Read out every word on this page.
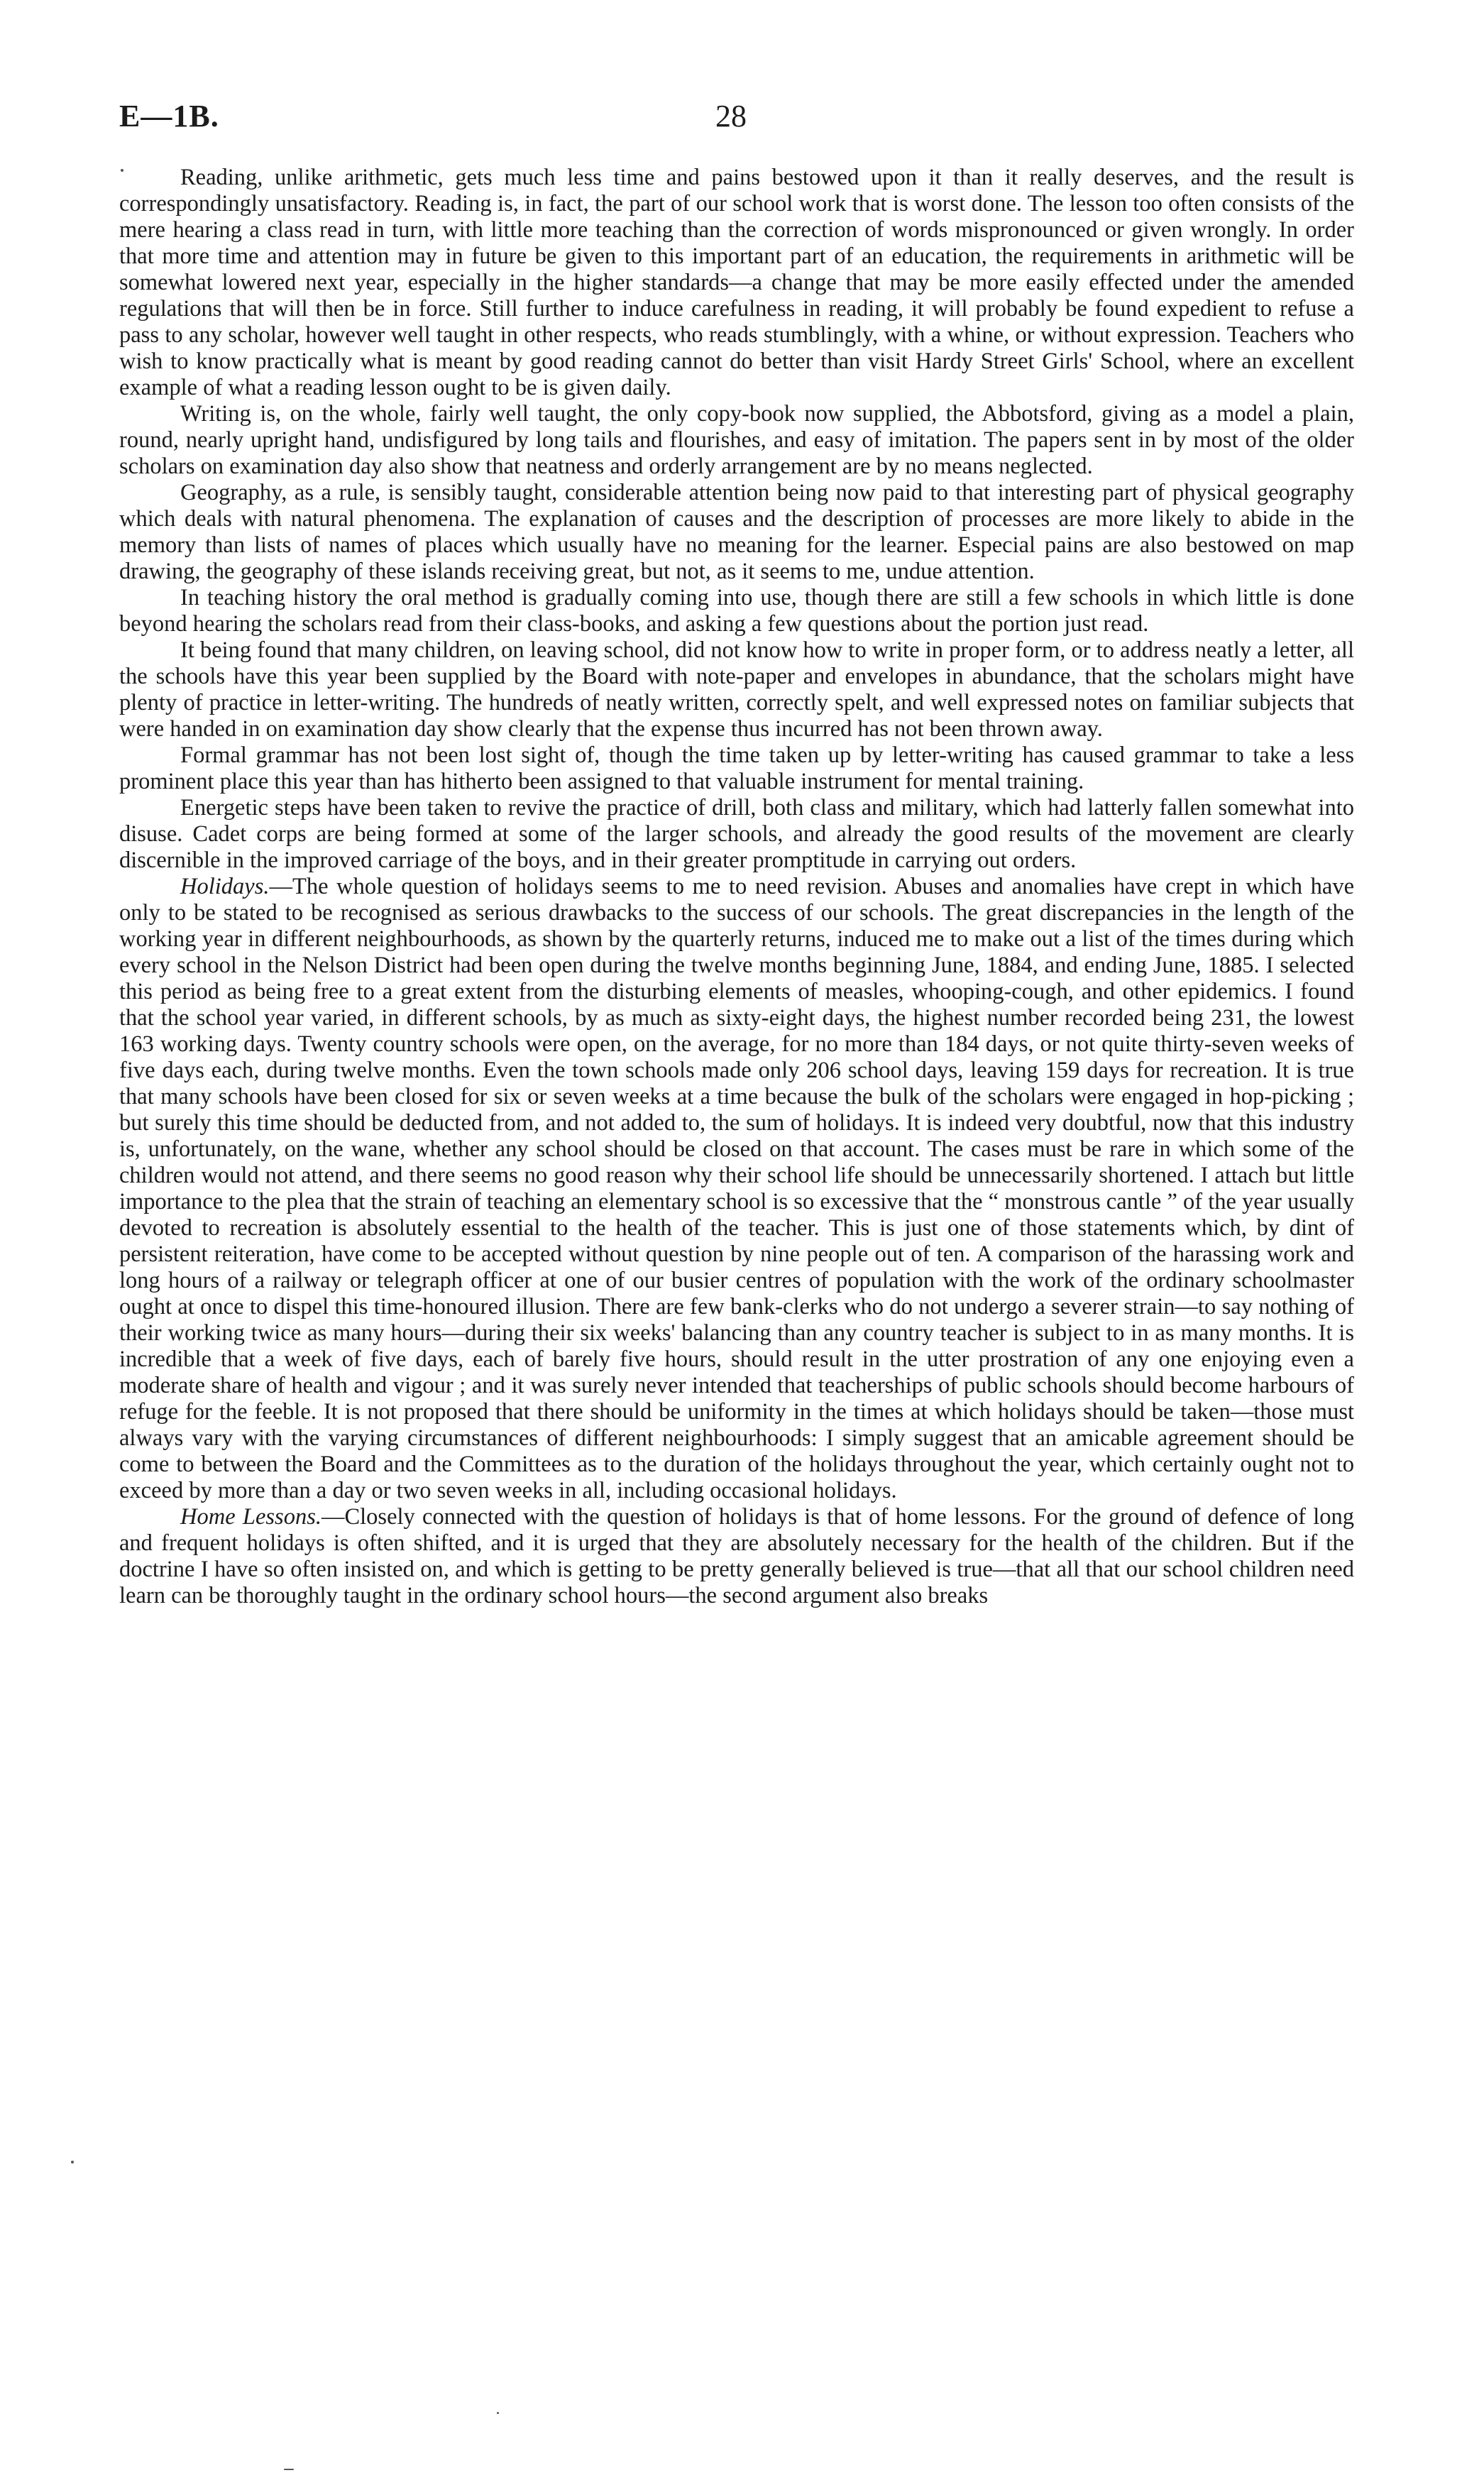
E—1B.	28

Reading, unlike arithmetic, gets much less time and pains bestowed upon it than it really deserves, and the result is correspondingly unsatisfactory. Reading is, in fact, the part of our school work that is worst done. The lesson too often consists of the mere hearing a class read in turn, with little more teaching than the correction of words mispronounced or given wrongly. In order that more time and attention may in future be given to this important part of an education, the requirements in arithmetic will be somewhat lowered next year, especially in the higher standards—a change that may be more easily effected under the amended regulations that will then be in force. Still further to induce carefulness in reading, it will probably be found expedient to refuse a pass to any scholar, however well taught in other respects, who reads stumblingly, with a whine, or without expression. Teachers who wish to know practically what is meant by good reading cannot do better than visit Hardy Street Girls' School, where an excellent example of what a reading lesson ought to be is given daily.

Writing is, on the whole, fairly well taught, the only copy-book now supplied, the Abbotsford, giving as a model a plain, round, nearly upright hand, undisfigured by long tails and flourishes, and easy of imitation. The papers sent in by most of the older scholars on examination day also show that neatness and orderly arrangement are by no means neglected.

Geography, as a rule, is sensibly taught, considerable attention being now paid to that interesting part of physical geography which deals with natural phenomena. The explanation of causes and the description of processes are more likely to abide in the memory than lists of names of places which usually have no meaning for the learner. Especial pains are also bestowed on map drawing, the geography of these islands receiving great, but not, as it seems to me, undue attention.

In teaching history the oral method is gradually coming into use, though there are still a few schools in which little is done beyond hearing the scholars read from their class-books, and asking a few questions about the portion just read.

It being found that many children, on leaving school, did not know how to write in proper form, or to address neatly a letter, all the schools have this year been supplied by the Board with note-paper and envelopes in abundance, that the scholars might have plenty of practice in letter-writing. The hundreds of neatly written, correctly spelt, and well expressed notes on familiar subjects that were handed in on examination day show clearly that the expense thus incurred has not been thrown away.

Formal grammar has not been lost sight of, though the time taken up by letter-writing has caused grammar to take a less prominent place this year than has hitherto been assigned to that valuable instrument for mental training.

Energetic steps have been taken to revive the practice of drill, both class and military, which had latterly fallen somewhat into disuse. Cadet corps are being formed at some of the larger schools, and already the good results of the movement are clearly discernible in the improved carriage of the boys, and in their greater promptitude in carrying out orders.

Holidays.—The whole question of holidays seems to me to need revision. Abuses and anomalies have crept in which have only to be stated to be recognised as serious drawbacks to the success of our schools. The great discrepancies in the length of the working year in different neighbourhoods, as shown by the quarterly returns, induced me to make out a list of the times during which every school in the Nelson District had been open during the twelve months beginning June, 1884, and ending June, 1885. I selected this period as being free to a great extent from the disturbing elements of measles, whooping-cough, and other epidemics. I found that the school year varied, in different schools, by as much as sixty-eight days, the highest number recorded being 231, the lowest 163 working days. Twenty country schools were open, on the average, for no more than 184 days, or not quite thirty-seven weeks of five days each, during twelve months. Even the town schools made only 206 school days, leaving 159 days for recreation. It is true that many schools have been closed for six or seven weeks at a time because the bulk of the scholars were engaged in hop-picking ; but surely this time should be deducted from, and not added to, the sum of holidays. It is indeed very doubtful, now that this industry is, unfortunately, on the wane, whether any school should be closed on that account. The cases must be rare in which some of the children would not attend, and there seems no good reason why their school life should be unnecessarily shortened. I attach but little importance to the plea that the strain of teaching an elementary school is so excessive that the “ monstrous cantle ” of the year usually devoted to recreation is absolutely essential to the health of the teacher. This is just one of those statements which, by dint of persistent reiteration, have come to be accepted without question by nine people out of ten. A comparison of the harassing work and long hours of a railway or telegraph officer at one of our busier centres of population with the work of the ordinary schoolmaster ought at once to dispel this time-honoured illusion. There are few bank-clerks who do not undergo a severer strain—to say nothing of their working twice as many hours—during their six weeks' balancing than any country teacher is subject to in as many months. It is incredible that a week of five days, each of barely five hours, should result in the utter prostration of any one enjoying even a moderate share of health and vigour ; and it was surely never intended that teacherships of public schools should become harbours of refuge for the feeble. It is not proposed that there should be uniformity in the times at which holidays should be taken—those must always vary with the varying circumstances of different neighbourhoods: I simply suggest that an amicable agreement should be come to between the Board and the Committees as to the duration of the holidays throughout the year, which certainly ought not to exceed by more than a day or two seven weeks in all, including occasional holidays.

Home Lessons.—Closely connected with the question of holidays is that of home lessons. For the ground of defence of long and frequent holidays is often shifted, and it is urged that they are absolutely necessary for the health of the children. But if the doctrine I have so often insisted on, and which is getting to be pretty generally believed is true—that all that our school children need learn can be thoroughly taught in the ordinary school hours—the second argument also breaks
